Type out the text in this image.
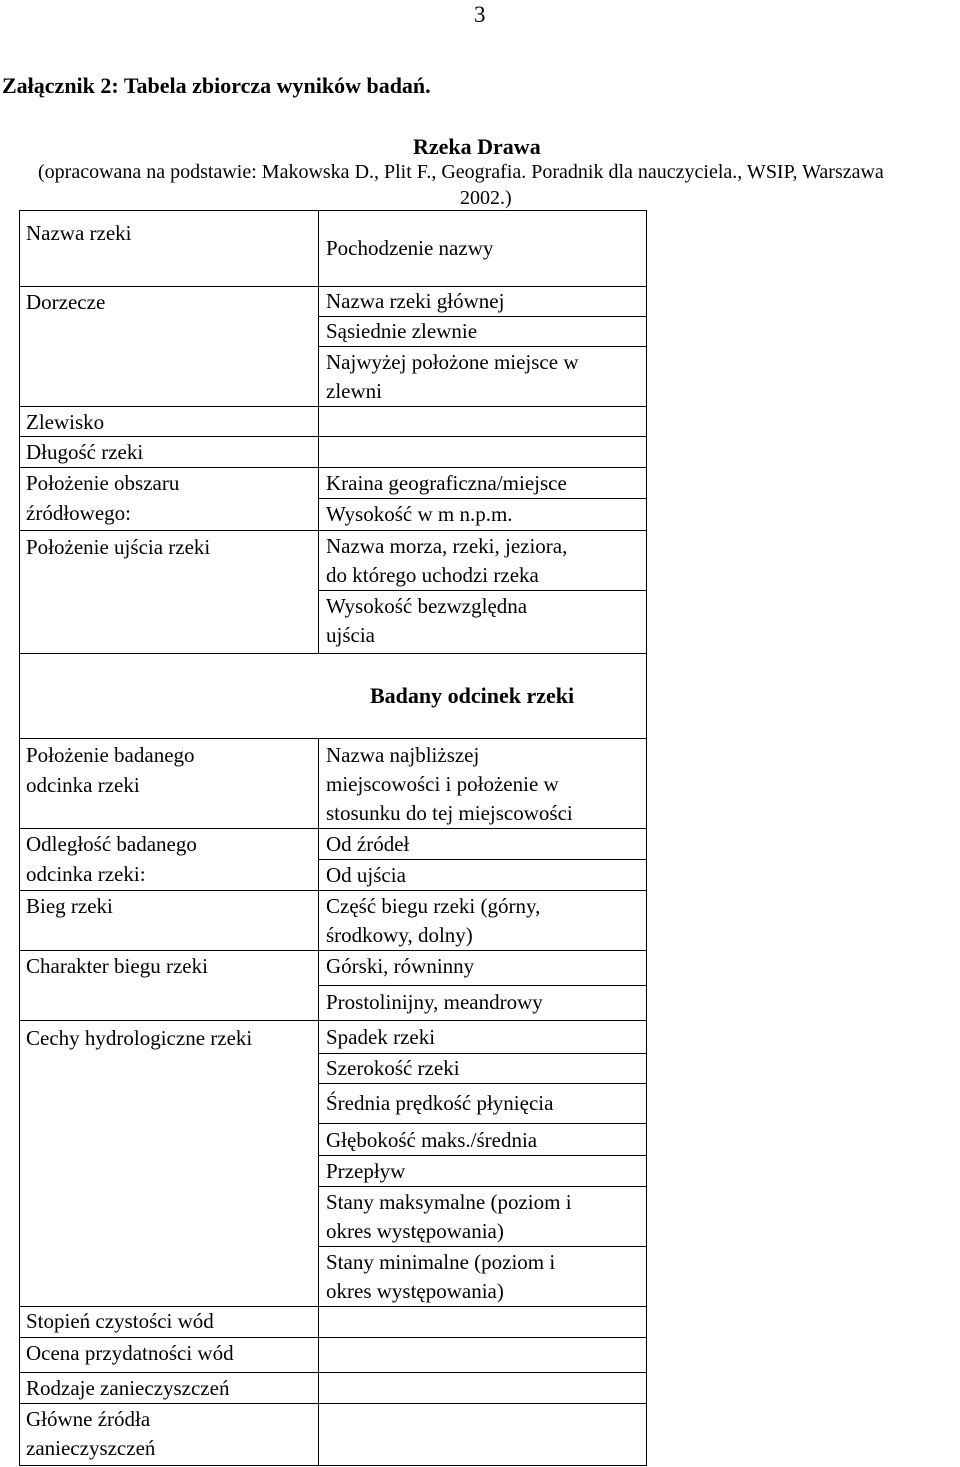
3
Załącznik 2: Tabela zbiorcza wyników badań.
Rzeka Drawa
(opracowana na podstawie: Makowska D., Plit F., Geografia. Poradnik dla nauczyciela., WSIP, Warszawa
2002.)
Nazwa rzeki
Dorzecze
Zlewisko
Długość rzeki
Położenie obszaru
źródłowego:
Położenie ujścia rzeki
Badany odcinek rzeki
Położenie badanego
odcinka rzeki
Odległość badanego
odcinka rzeki:
Bieg rzeki
Charakter biegu rzeki
Cechy hydrologiczne rzeki
Stopień czystości wód
Ocena przydatności wód
Rodzaje zanieczyszczeń
Główne źródła
zanieczyszczeń
Pochodzenie nazwy
Nazwa rzeki głównej
Sąsiednie zlewnie
Najwyżej położone miejsce w
zlewni
Kraina geograficzna/miejsce
Wysokość w m n.p.m.
Nazwa morza, rzeki, jeziora,
do którego uchodzi rzeka
Wysokość bezwzględna
ujścia
Nazwa najbliższej
miejscowości i położenie w
stosunku do tej miejscowości
Od źródeł
Od ujścia
Część biegu rzeki (górny,
środkowy, dolny)
Górski, równinny
Prostolinijny, meandrowy
Spadek rzeki
Szerokość rzeki
Średnia prędkość płynięcia
Głębokość maks./średnia
Przepływ
Stany maksymalne (poziom i
okres występowania)
Stany minimalne (poziom i
okres występowania)
